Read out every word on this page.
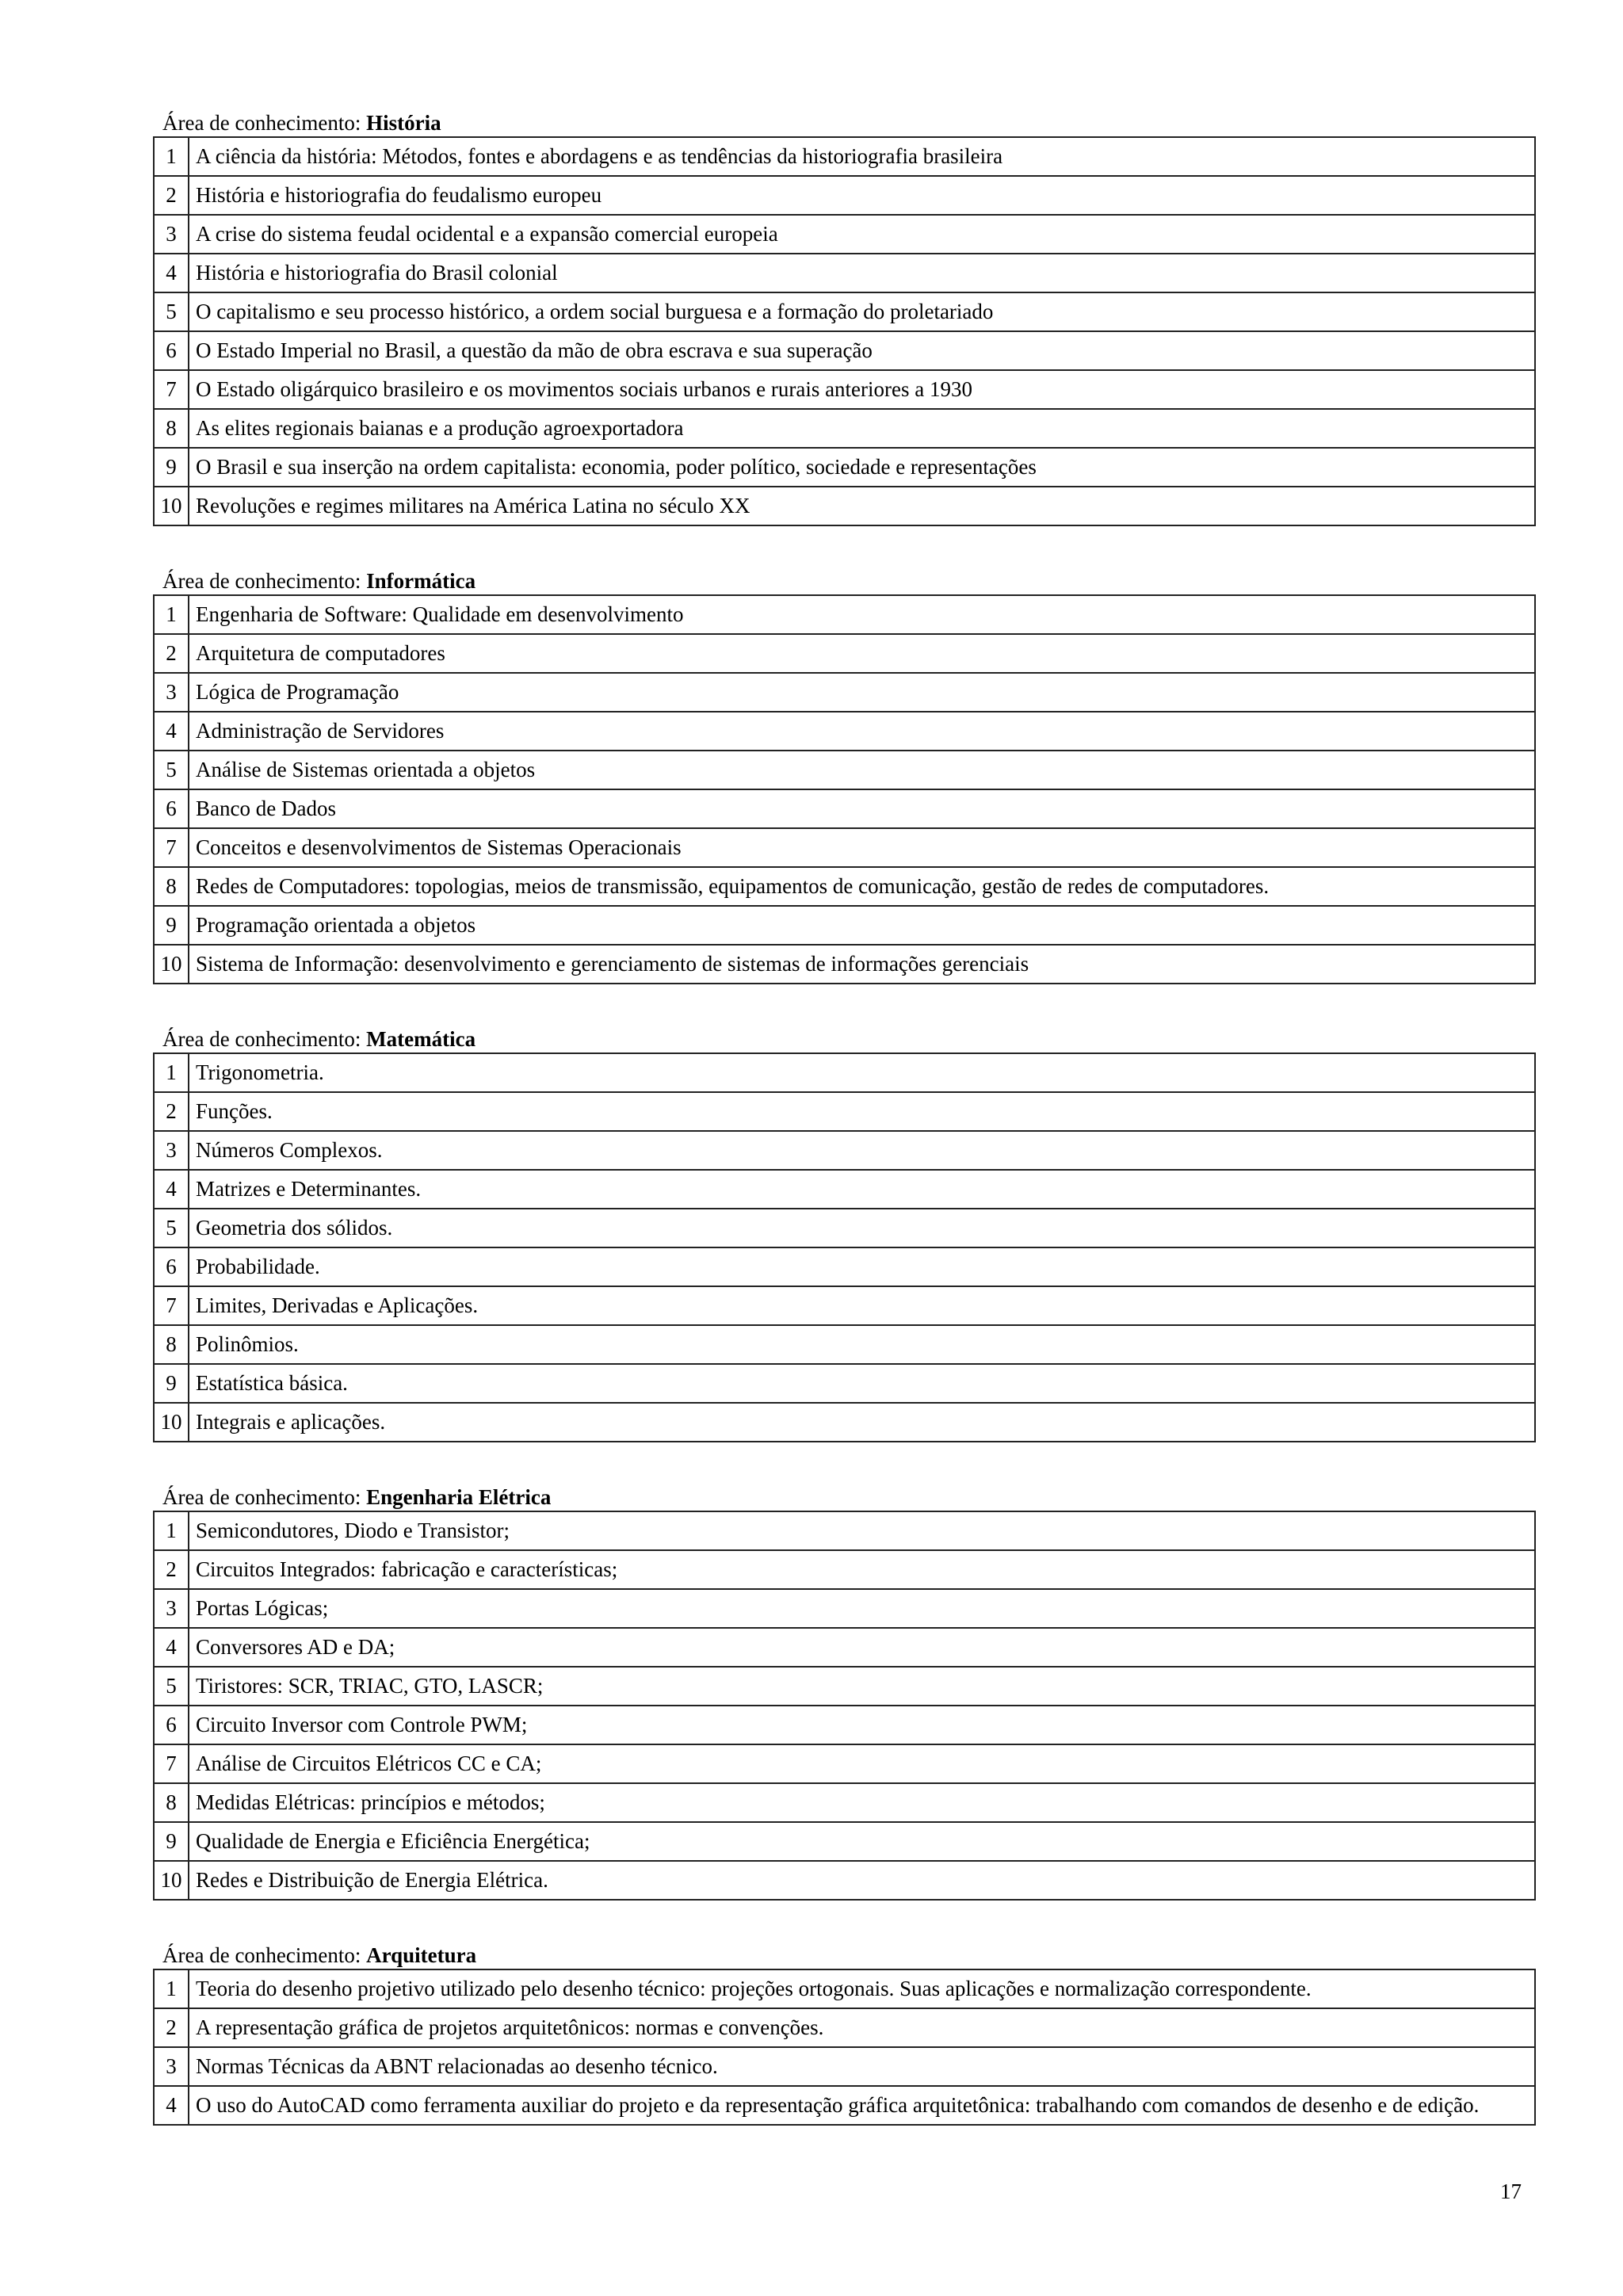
Área de conhecimento: História
1	A ciência da história: Métodos, fontes e abordagens e as tendências da historiografia brasileira
2	História e historiografia do feudalismo europeu
3	A crise do sistema feudal ocidental e a expansão comercial europeia
4	História e historiografia do Brasil colonial
5	O capitalismo e seu processo histórico, a ordem social burguesa e a formação do proletariado
6	O Estado Imperial no Brasil, a questão da mão de obra escrava e sua superação
7	O Estado oligárquico brasileiro e os movimentos sociais urbanos e rurais anteriores a 1930
8	As elites regionais baianas e a produção agroexportadora
9	O Brasil e sua inserção na ordem capitalista: economia, poder político, sociedade e representações
10	Revoluções e regimes militares na América Latina no século XX
Área de conhecimento: Informática
1	Engenharia de Software: Qualidade em desenvolvimento
2	Arquitetura de computadores
3	Lógica de Programação
4	Administração de Servidores
5	Análise de Sistemas orientada a objetos
6	Banco de Dados
7	Conceitos e desenvolvimentos de Sistemas Operacionais
8	Redes de Computadores: topologias, meios de transmissão, equipamentos de comunicação, gestão de redes de computadores.
9	Programação orientada a objetos
10	Sistema de Informação: desenvolvimento e gerenciamento de sistemas de informações gerenciais
Área de conhecimento: Matemática
1	Trigonometria.
2	Funções.
3	Números Complexos.
4	Matrizes e Determinantes.
5	Geometria dos sólidos.
6	Probabilidade.
7	Limites, Derivadas e Aplicações.
8	Polinômios.
9	Estatística básica.
10	Integrais e aplicações.
Área de conhecimento: Engenharia Elétrica
1	Semicondutores, Diodo e Transistor;
2	Circuitos Integrados: fabricação e características;
3	Portas Lógicas;
4	Conversores AD e DA;
5	Tiristores: SCR, TRIAC, GTO, LASCR;
6	Circuito Inversor com Controle PWM;
7	Análise de Circuitos Elétricos CC e CA;
8	Medidas Elétricas: princípios e métodos;
9	Qualidade de Energia e Eficiência Energética;
10	Redes e Distribuição de Energia Elétrica.
Área de conhecimento: Arquitetura
1	Teoria do desenho projetivo utilizado pelo desenho técnico: projeções ortogonais. Suas aplicações e normalização correspondente.
2	A representação gráfica de projetos arquitetônicos: normas e convenções.
3	Normas Técnicas da ABNT relacionadas ao desenho técnico.
4	O uso do AutoCAD como ferramenta auxiliar do projeto e da representação gráfica arquitetônica: trabalhando com comandos de desenho e de edição.
17
